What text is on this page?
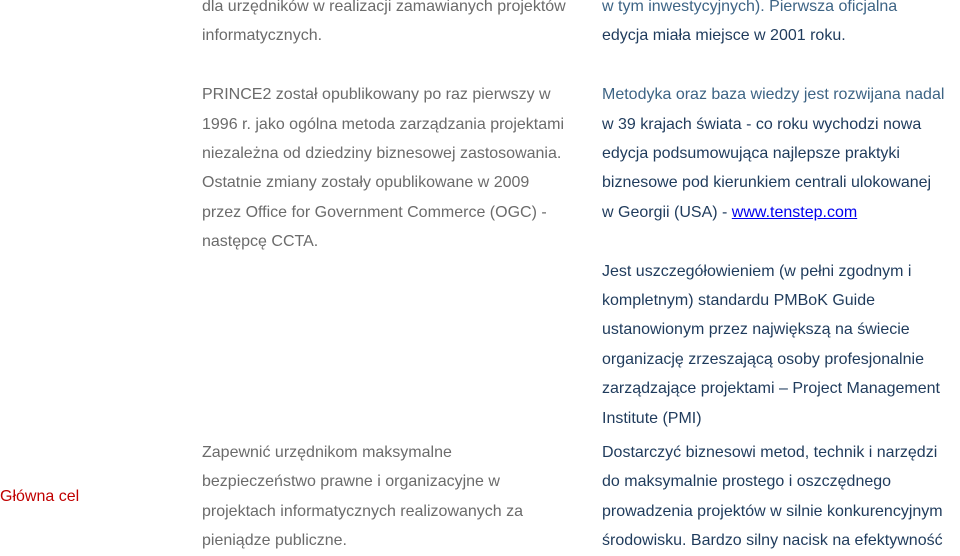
dla urzędników w realizacji zamawianych projektów

informatycznych.

PRINCE2 został opublikowany po raz pierwszy w

1996 r. jako ogólna metoda zarządzania projektami

niezależna od dziedziny biznesowej zastosowania.

Ostatnie zmiany zostały opublikowane w 2009

przez Office for Government Commerce (OGC) -

następcę CCTA.

w tym inwestycyjnych). Pierwsza oficjalna

edycja miała miejsce w 2001 roku.

Metodyka oraz baza wiedzy jest rozwijana nadal

w 39 krajach świata - co roku wychodzi nowa

edycja podsumowująca najlepsze praktyki

biznesowe pod kierunkiem centrali ulokowanej

w Georgii (USA) - www.tenstep.com

Jest uszczegółowieniem (w pełni zgodnym i

kompletnym) standardu PMBoK Guide

ustanowionym przez największą na świecie

organizację zrzeszającą osoby profesjonalnie

zarządzające projektami – Project Management

Institute (PMI)

Główna cel

Zapewnić urzędnikom maksymalne

bezpieczeństwo prawne i organizacyjne w

projektach informatycznych realizowanych za

pieniądze publiczne.

Dostarczyć biznesowi metod, technik i narzędzi

do maksymalnie prostego i oszczędnego

prowadzenia projektów w silnie konkurencyjnym

środowisku. Bardzo silny nacisk na efektywność
